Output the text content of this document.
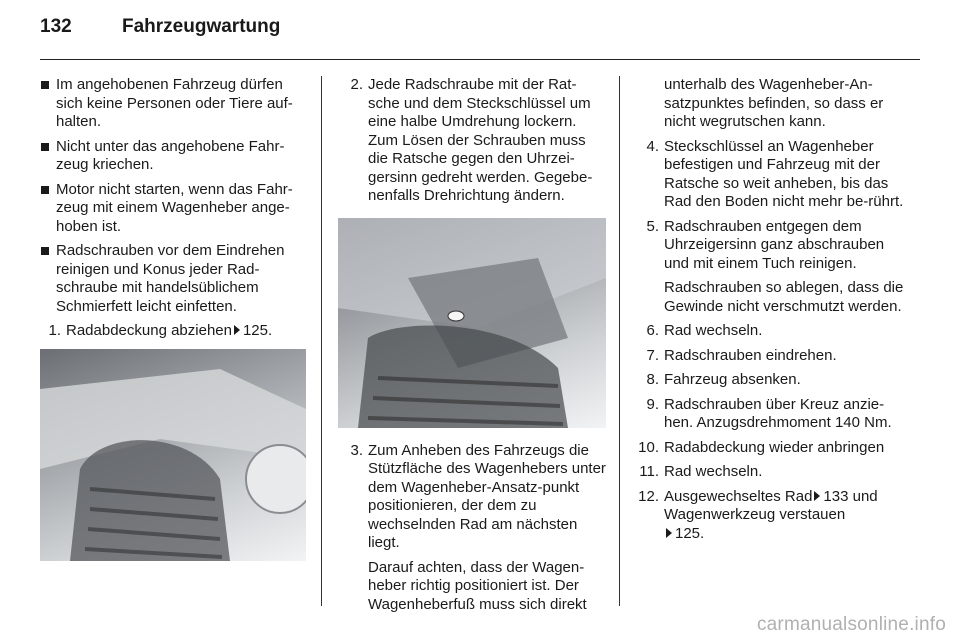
132	Fahrzeugwartung
Im angehobenen Fahrzeug dürfen sich keine Personen oder Tiere auf-halten.
Nicht unter das angehobene Fahr-zeug kriechen.
Motor nicht starten, wenn das Fahr-zeug mit einem Wagenheber ange-hoben ist.
Radschrauben vor dem Eindrehen reinigen und Konus jeder Rad-schraube mit handelsüblichem Schmierfett leicht einfetten.
1. Radabdeckung abziehen 125.
2. Jede Radschraube mit der Rat-sche und dem Steckschlüssel um eine halbe Umdrehung lockern. Zum Lösen der Schrauben muss die Ratsche gegen den Uhrzei-gersinn gedreht werden. Gegebe-nenfalls Drehrichtung ändern.
3. Zum Anheben des Fahrzeugs die Stützfläche des Wagenhebers unter dem Wagenheber-Ansatz-punkt positionieren, der dem zu wechselnden Rad am nächsten liegt.
Darauf achten, dass der Wagen-heber richtig positioniert ist. Der Wagenheberfuß muss sich direkt
unterhalb des Wagenheber-An-satzpunktes befinden, so dass er nicht wegrutschen kann.
4. Steckschlüssel an Wagenheber befestigen und Fahrzeug mit der Ratsche so weit anheben, bis das Rad den Boden nicht mehr be-rührt.
5. Radschrauben entgegen dem Uhrzeigersinn ganz abschrauben und mit einem Tuch reinigen.
Radschrauben so ablegen, dass die Gewinde nicht verschmutzt werden.
6. Rad wechseln.
7. Radschrauben eindrehen.
8. Fahrzeug absenken.
9. Radschrauben über Kreuz anzie-hen. Anzugsdrehmoment 140 Nm.
10. Radabdeckung wieder anbringen
11. Rad wechseln.
12. Ausgewechseltes Rad 133 und Wagenwerkzeug verstauen
125.
carmanualsonline.info
